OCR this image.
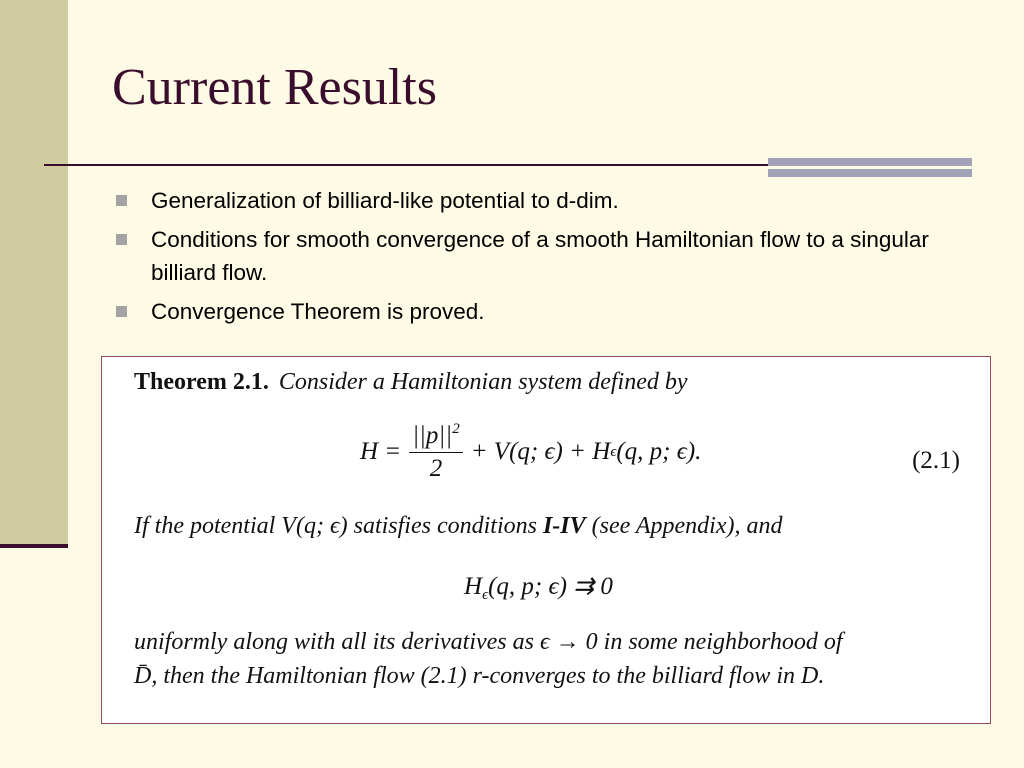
Current Results
Generalization of billiard-like potential to d-dim.
Conditions for smooth convergence of a smooth Hamiltonian flow to a singular billiard flow.
Convergence Theorem is proved.
Theorem 2.1. Consider a Hamiltonian system defined by
$H = \frac{||p||^2}{2} + V(q$; ϵ) + H ϵ (q, p; ϵ).	(2.1)
If the potential V(q; ϵ) satisfies conditions I-IV (see Appendix), and
$H_\epsilon(q$, p; ϵ) ⇉ 0
uniformly along with all its derivatives as ϵ → 0 in some neighborhood of
D̄, then the Hamiltonian flow (2.1) r-converges to the billiard flow in D.
